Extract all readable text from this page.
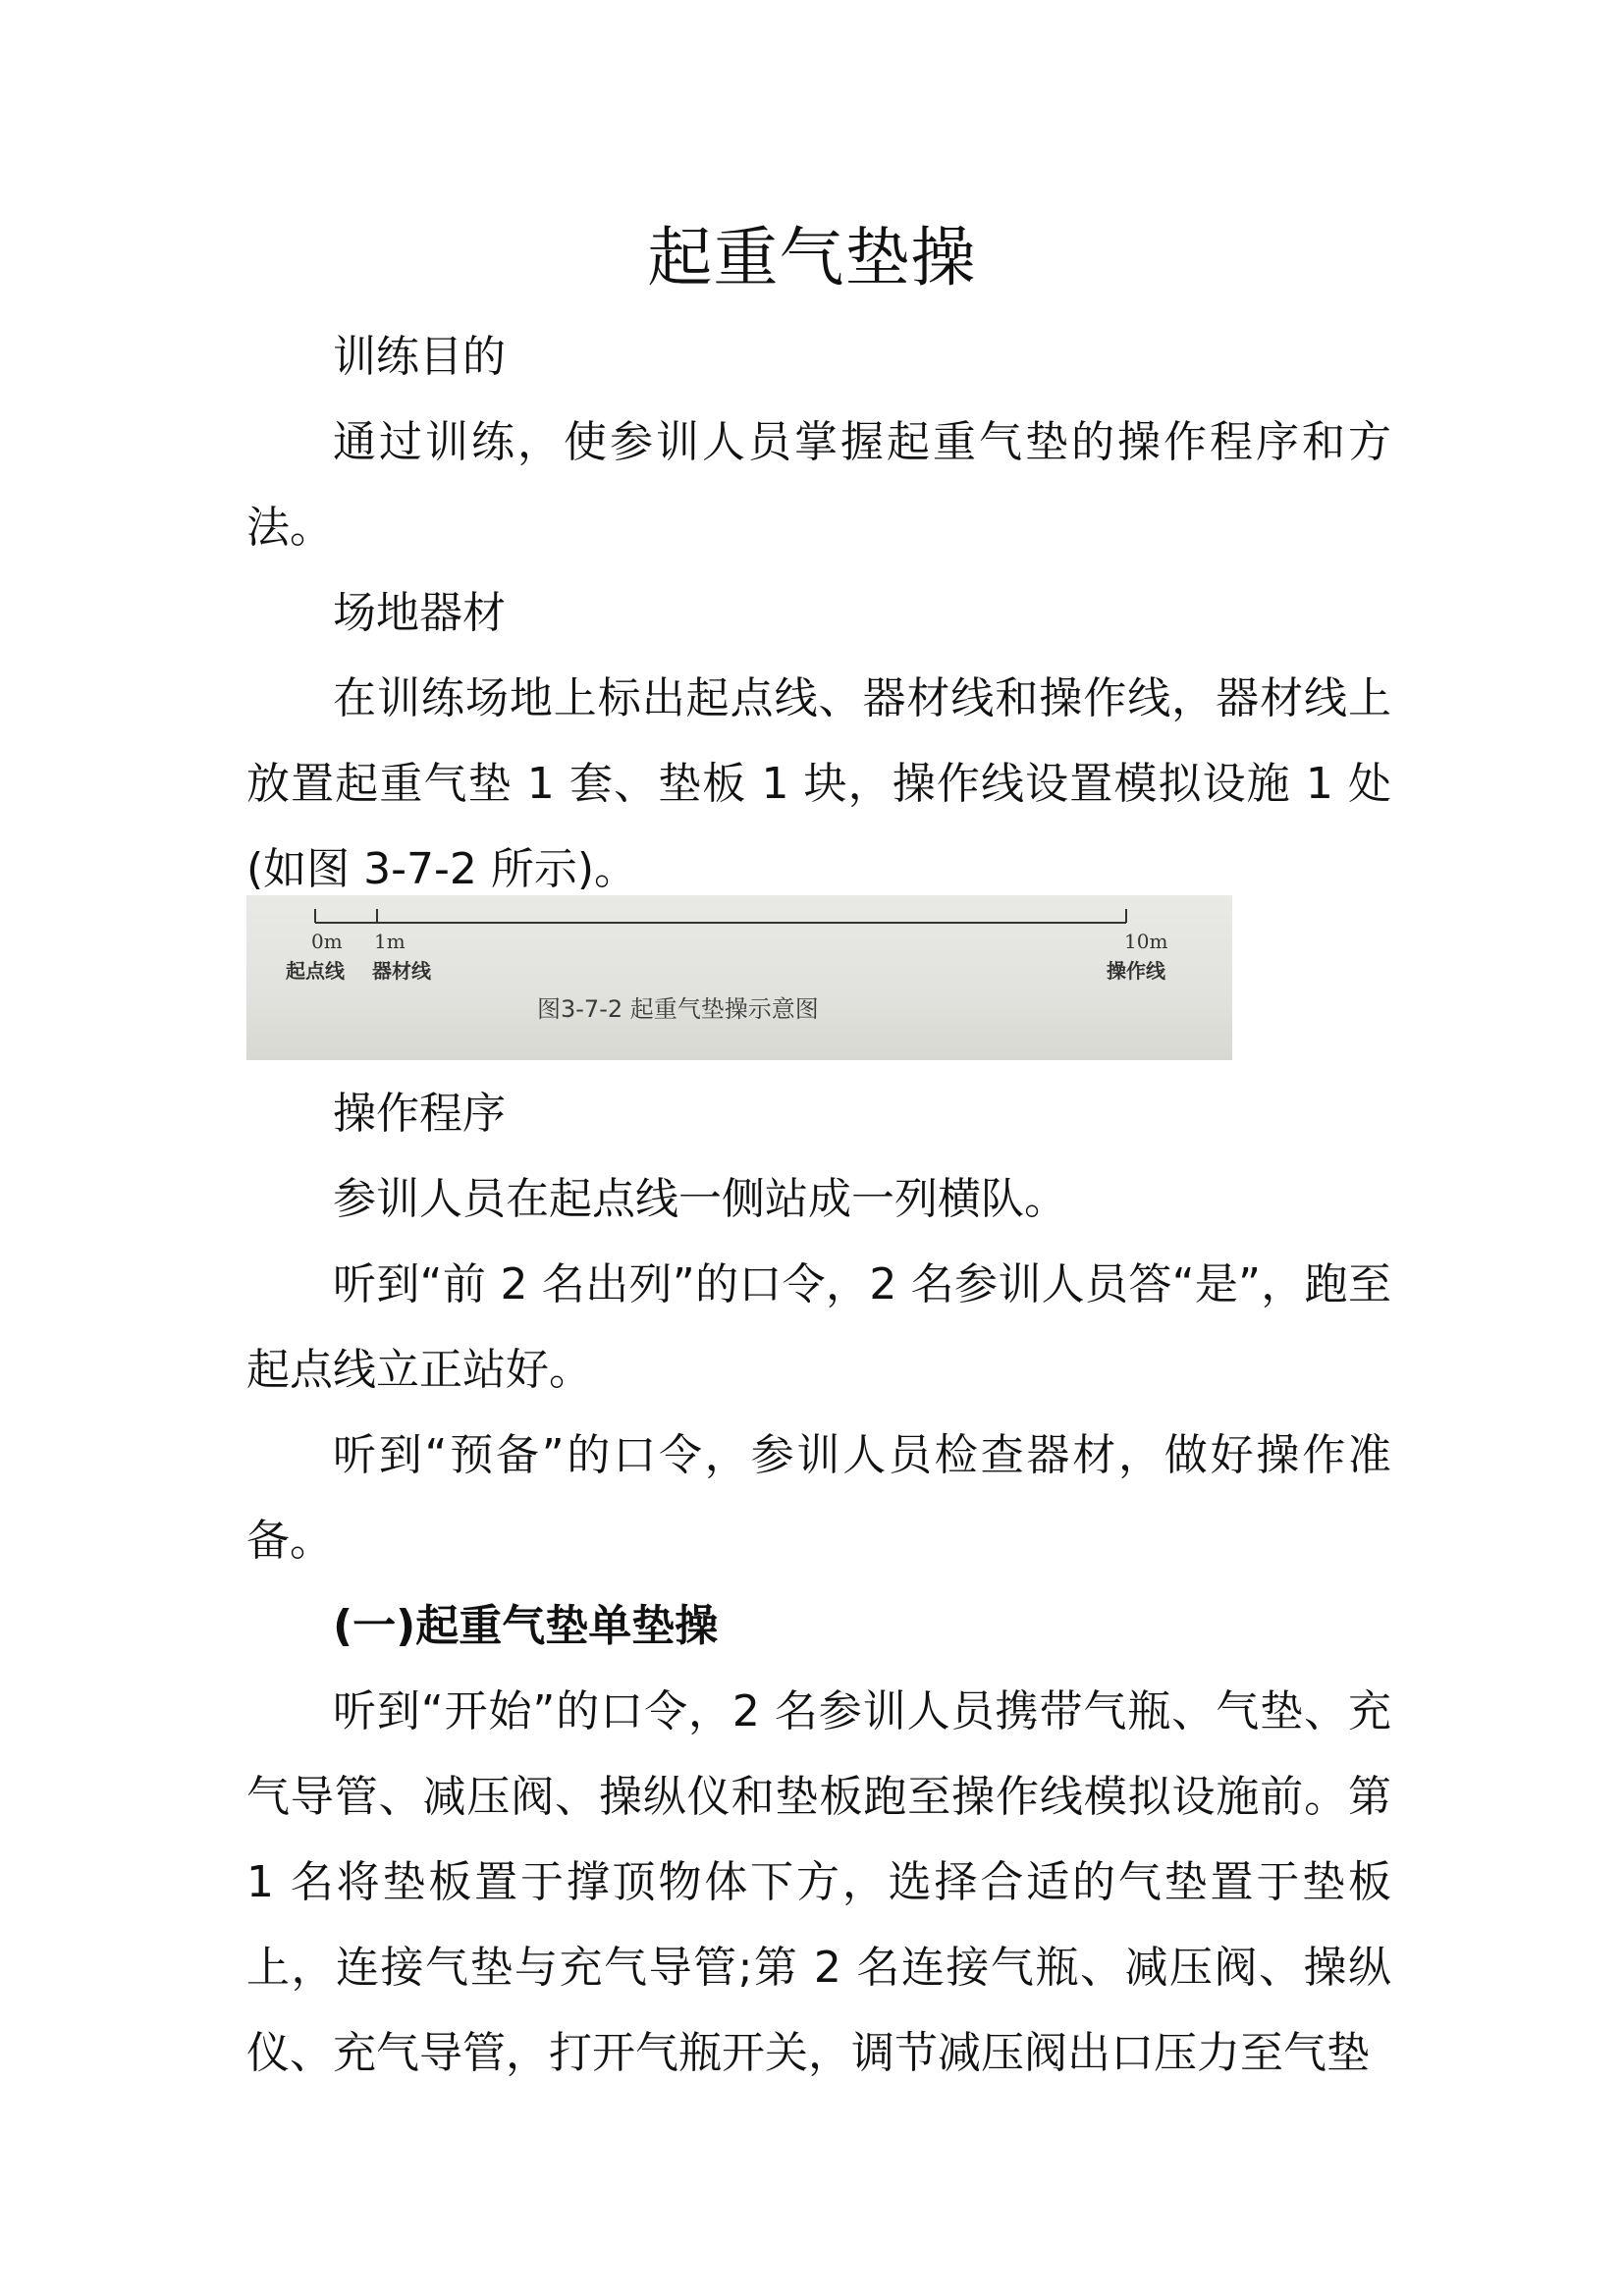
起重气垫操

训练目的

通过训练，使参训人员掌握起重气垫的操作程序和方法。

场地器材

在训练场地上标出起点线、器材线和操作线，器材线上放置起重气垫 1 套、垫板 1 块，操作线设置模拟设施 1 处(如图 3-7-2 所示)。

0m 1m	10m
起点线 器材线	操作线
图3-7-2 起重气垫操示意图

操作程序

参训人员在起点线一侧站成一列横队。

听到“前 2 名出列”的口令，2 名参训人员答“是”，跑至起点线立正站好。

听到“预备”的口令，参训人员检查器材，做好操作准备。

(一)起重气垫单垫操

听到“开始”的口令，2 名参训人员携带气瓶、气垫、充气导管、减压阀、操纵仪和垫板跑至操作线模拟设施前。第 1 名将垫板置于撑顶物体下方，选择合适的气垫置于垫板上，连接气垫与充气导管;第 2 名连接气瓶、减压阀、操纵仪、充气导管，打开气瓶开关，调节减压阀出口压力至气垫
